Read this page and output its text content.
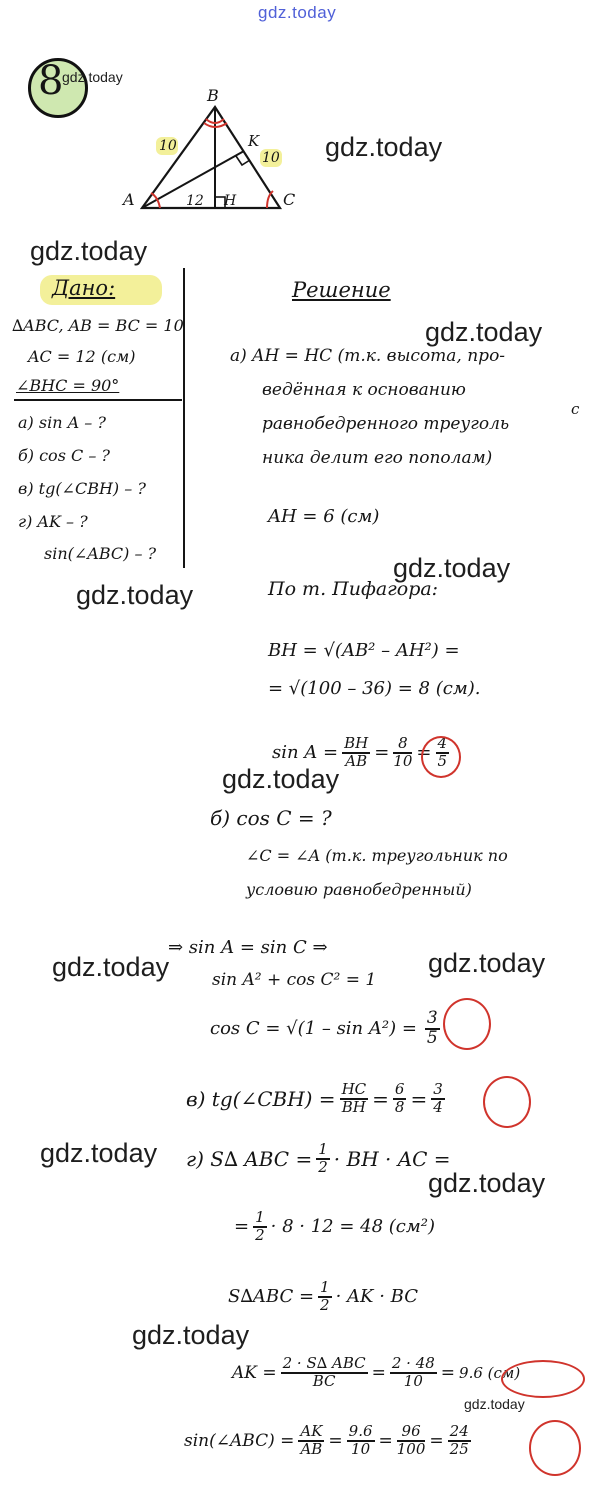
gdz.today
8
gdz.today
B
A	C
K
H
10
10
12
gdz.today
gdz.today
Дано:
∆ABC, AB = BC = 10
AC = 12 (см)
∠BHC = 90°
а) sin A – ?
б) cos C – ?
в) tg(∠CBH) – ?
г) AK – ?
sin(∠ABC) – ?
gdz.today
Решение
gdz.today
а) AH = HC (т.к. высота, про-
ведённая к основанию
равнобедренного треуголь
с
ника делит его пополам)
AH = 6 (см)
gdz.today
По т. Пифагора:
BH = √(AB² – AH²) =
= √(100 – 36) = 8 (см).
$\sin A = \frac{BH}{AB} = \frac{8}{10} = \frac{4}{5}$
gdz.today
б) cos C = ?
∠C = ∠A (т.к. треугольник по
условию равнобедренный)
⇒ sin A = sin C ⇒
gdz.today	gdz.today
sin A² + cos C² = 1
$\cos C = √(1 - \sin A^2) = \frac{3}{5}$
в) tg(∠CBH) = $\frac{HC}{BH} = \frac{6}{8} = \frac{3}{4}$
gdz.today г) S∆ ABC = $\frac{1}{2}$ · BH · AC =
gdz.today
= $\frac{1}{2} \cdot 8 \cdot 12 = 48$ (см²)
$S\Delta ABC = \frac{1}{2}$ · AK · BC
gdz.today
AK = $\frac{\text{2 · S∆ ABC}}{BC} = \frac{2 \cdot 48}{10} = 9.6$ (см)
gdz.today
sin(∠ABC) = $\frac{AK}{AB} = \frac{9.6}{10} = \frac{96}{100} = \frac{24}{25}$
